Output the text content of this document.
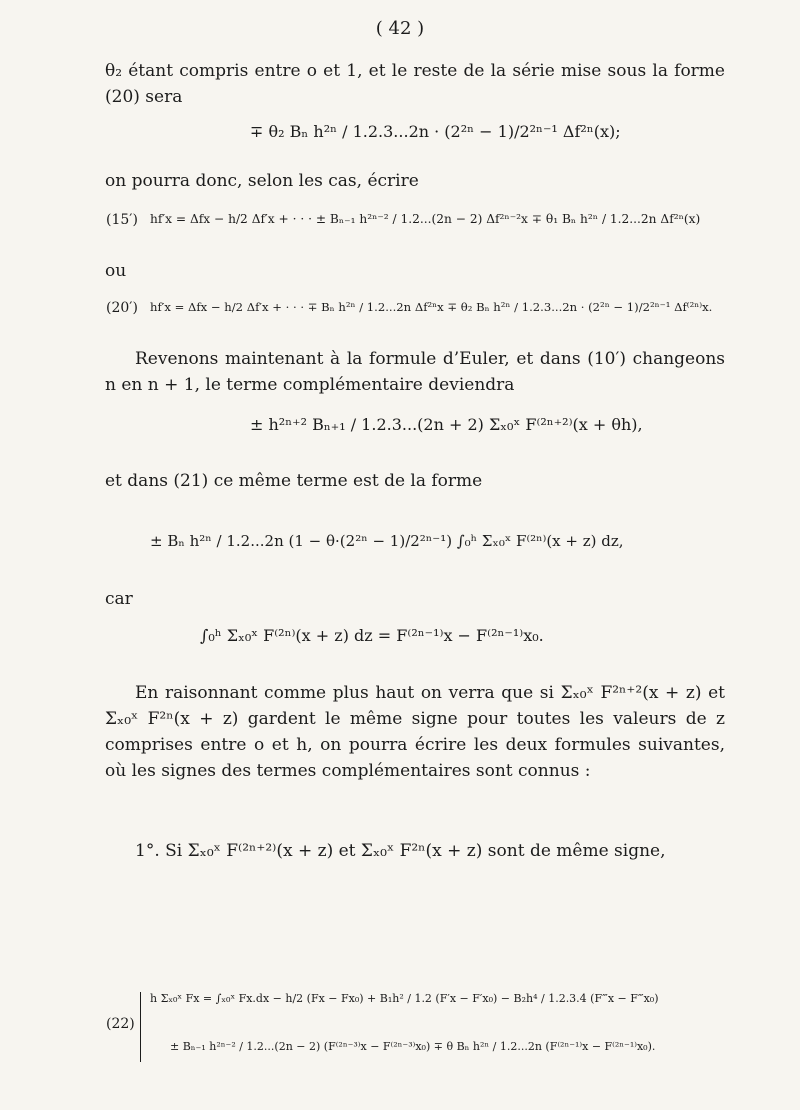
( 42 )
θ₂ étant compris entre o et 1, et le reste de la série mise sous la forme (20) sera
∓ θ₂ Bₙ h²ⁿ / 1.2.3...2n · (2²ⁿ − 1)/2²ⁿ⁻¹ Δf²ⁿ(x);
on pourra donc, selon les cas, écrire
(15′) hf′x = Δfx − h/2 Δf′x + · · · ± Bₙ₋₁ h²ⁿ⁻² / 1.2...(2n − 2) Δf²ⁿ⁻²x ∓ θ₁ Bₙ h²ⁿ / 1.2...2n Δf²ⁿ(x)
ou
(20′) hf′x = Δfx − h/2 Δf′x + · · · ∓ Bₙ h²ⁿ / 1.2...2n Δf²ⁿx ∓ θ₂ Bₙ h²ⁿ / 1.2.3...2n · (2²ⁿ − 1)/2²ⁿ⁻¹ Δf⁽²ⁿ⁾x.
Revenons maintenant à la formule d’Euler, et dans (10′) changeons n en n + 1, le terme complémentaire deviendra
± h²ⁿ⁺² Bₙ₊₁ / 1.2.3...(2n + 2) Σₓ₀ˣ F⁽²ⁿ⁺²⁾(x + θh),
et dans (21) ce même terme est de la forme
± Bₙ h²ⁿ / 1.2...2n (1 − θ·(2²ⁿ − 1)/2²ⁿ⁻¹) ∫₀ʰ Σₓ₀ˣ F⁽²ⁿ⁾(x + z) dz,
car
∫₀ʰ Σₓ₀ˣ F⁽²ⁿ⁾(x + z) dz = F⁽²ⁿ⁻¹⁾x − F⁽²ⁿ⁻¹⁾x₀.
En raisonnant comme plus haut on verra que si Σₓ₀ˣ F²ⁿ⁺²(x + z) et Σₓ₀ˣ F²ⁿ(x + z) gardent le même signe pour toutes les valeurs de z comprises entre o et h, on pourra écrire les deux formules suivantes, où les signes des termes complémentaires sont connus :
1°. Si Σₓ₀ˣ F⁽²ⁿ⁺²⁾(x + z) et Σₓ₀ˣ F²ⁿ(x + z) sont de même signe,
(22)
h Σₓ₀ˣ Fx = ∫ₓ₀ˣ Fx.dx − h/2 (Fx − Fx₀) + B₁h² / 1.2 (F′x − F′x₀) − B₂h⁴ / 1.2.3.4 (F‴x − F‴x₀)
± Bₙ₋₁ h²ⁿ⁻² / 1.2...(2n − 2) (F⁽²ⁿ⁻³⁾x − F⁽²ⁿ⁻³⁾x₀) ∓ θ Bₙ h²ⁿ / 1.2...2n (F⁽²ⁿ⁻¹⁾x − F⁽²ⁿ⁻¹⁾x₀).
